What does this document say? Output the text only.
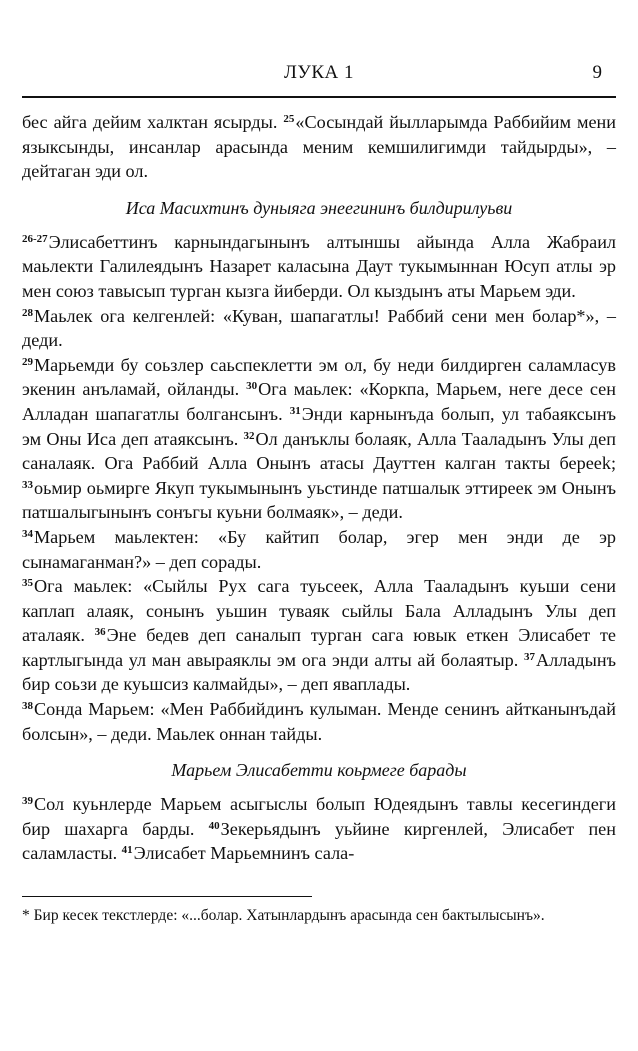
ЛУКА 1	9

бес айга дейим халктан ясырды. $^{25}$«Сосындай йылларымда Раббийим мени языксынды, инсанлар арасында меним кемшилигимди тайдырды», – дейтаган эди ол.

Иса Масихтинъ дуныяга энеегининъ билдирилуьви

$^{26-27}$Элисабеттинъ карнындагынынъ алтыншы айында Алла Жабраил маьлекти Галилеядынъ Назарет каласына Даут тукымыннан Юсуп атлы эр мен союз тавысып турган кызга йиберди. Ол кыздынъ аты Марьем эди.

$^{28}$Маьлек ога келгенлей: «Куван, шапагатлы! Раббий сени мен болар*», – деди.

$^{29}$Марьемди бу соьзлер саьспеклетти эм ол, бу неди билдирген саламласув экенин анъламай, ойланды. $^{30}$Ога маьлек: «Коркпа, Марьем, неге десе сен Алладан шапагатлы болгансынъ. $^{31}$Энди карнынъда болып, ул табаяксынъ эм Оны Иса деп атаяксынъ. $^{32}$Ол данъклы болаяк, Алла Тааладынъ Улы деп саналаяк. Ога Раббий Алла Онынъ атасы Дауттен калган такты берееk; $^{33}$оьмир оьмирге Якуп тукымынынъ уьстинде патшалык эттиреек эм Онынъ патшалыгынынъ сонъгы куьни болмаяк», – деди.

$^{34}$Марьем маьлектен: «Бу кайтип болар, эгер мен энди де эр сынамаганман?» – деп сорады.

$^{35}$Ога маьлек: «Сыйлы Рух сага туьсеек, Алла Тааладынъ куьши сени каплап алаяк, сонынъ уьшин туваяк сыйлы Бала Алладынъ Улы деп аталаяк. $^{36}$Эне бедев деп саналып турган сага ювык еткен Элисабет те картлыгында ул ман авыраяклы эм ога энди алты ай болаятыр. $^{37}$Алладынъ бир соьзи де куьшсиз калмайды», – деп яваплады.

$^{38}$Сонда Марьем: «Мен Раббийдинъ кулыман. Менде сенинъ айтканынъдай болсын», – деди. Маьлек оннан тайды.

Марьем Элисабетти коьрмеге барады

$^{39}$Сол куьнлерде Марьем асыгыслы болып Юдеядынъ тавлы кесегиндеги бир шахарга барды. $^{40}$Зекерьядынъ уьйине киргенлей, Элисабет пен саламласты. $^{41}$Элисабет Марьемнинъ сала-

* Бир кесек текстлерде: «...болар. Хатынлардынъ арасында сен бактылысынъ».
